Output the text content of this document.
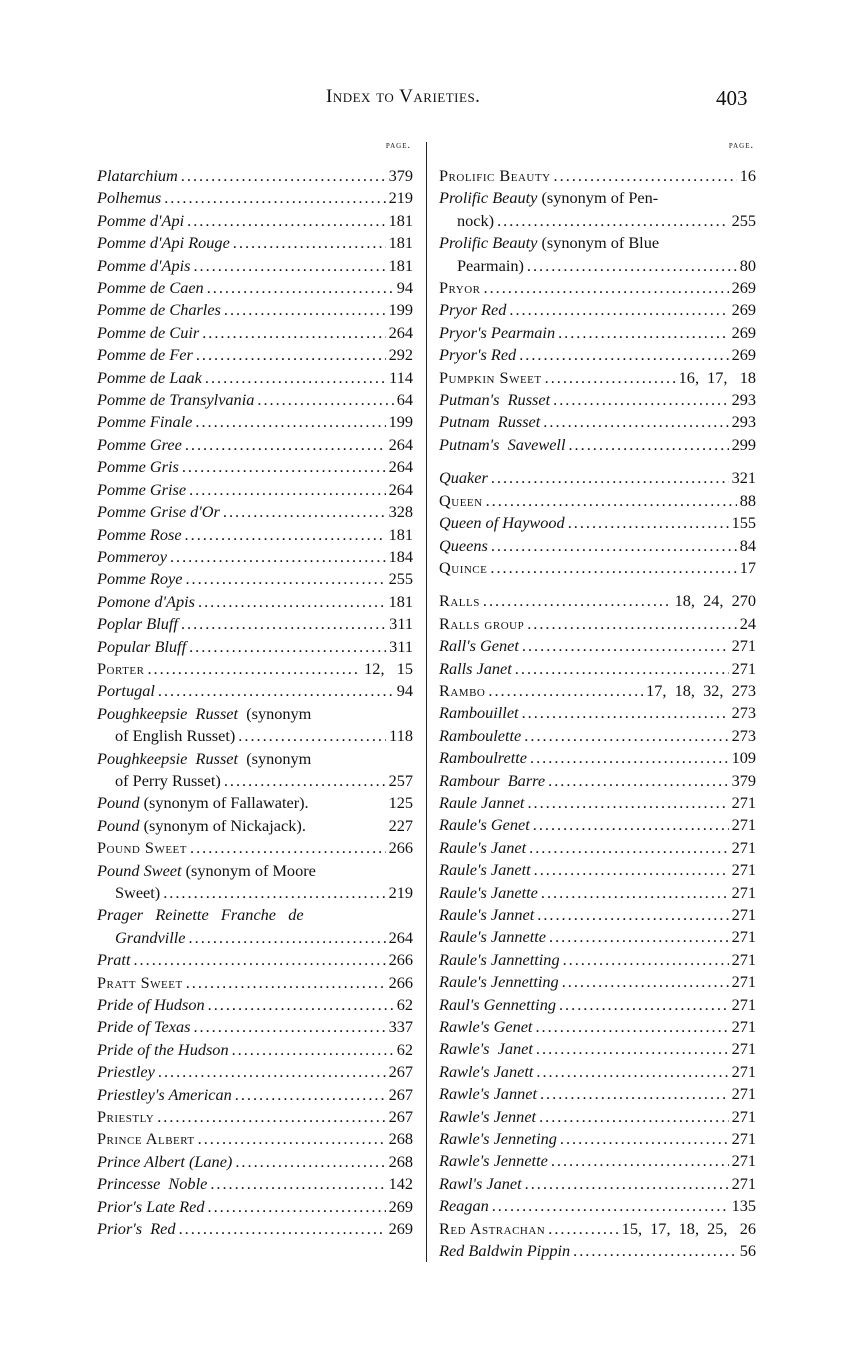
Index to Varieties.	403
page.
Platarchium .....	379
Polhemus .....	219
Pomme d'Api .....	181
Pomme d'Api Rouge .....	181
Pomme d'Apis .....	181
Pomme de Caen .....	94
Pomme de Charles .....	199
Pomme de Cuir .....	264
Pomme de Fer .....	292
Pomme de Laak .....	114
Pomme de Transylvania .....	64
Pomme Finale .....	199
Pomme Gree .....	264
Pomme Gris .....	264
Pomme Grise .....	264
Pomme Grise d'Or .....	328
Pomme Rose .....	181
Pommeroy .....	184
Pomme Roye .....	255
Pomone d'Apis .....	181
Poplar Bluff .....	311
Popular Bluff .....	311
Porter .....	12,   15
Portugal .....	94
Poughkeepsie  Russet  (synonym
of English Russet) .....	118
Poughkeepsie  Russet  (synonym
of Perry Russet) .....	257
Pound (synonym of Fallawater).	125
Pound (synonym of Nickajack).	227
Pound Sweet .....	266
Pound Sweet (synonym of Moore
Sweet) .....	219
Prager   Reinette   Franche   de
Grandville .....	264
Pratt .....	266
Pratt Sweet .....	266
Pride of Hudson .....	62
Pride of Texas .....	337
Pride of the Hudson .....	62
Priestley .....	267
Priestley's American .....	267
Priestly .....	267
Prince Albert .....	268
Prince Albert (Lane) .....	268
Princesse  Noble .....	142
Prior's Late Red .....	269
Prior's  Red .....	269
page.
Prolific Beauty .....	16
Prolific Beauty (synonym of Pen-
nock) .....	255
Prolific Beauty (synonym of Blue
Pearmain) .....	80
Pryor .....	269
Pryor Red .....	269
Pryor's Pearmain .....	269
Pryor's Red .....	269
Pumpkin Sweet .....	16,  17,   18
Putman's  Russet .....	293
Putnam  Russet .....	293
Putnam's  Savewell .....	299
Quaker .....	321
Queen .....	88
Queen of Haywood .....	155
Queens .....	84
Quince .....	17
Ralls .....	18,  24,  270
Ralls group .....	24
Rall's Genet .....	271
Ralls Janet .....	271
Rambo .....	17,  18,  32,  273
Rambouillet .....	273
Ramboulette .....	273
Ramboulrette .....	109
Rambour  Barre .....	379
Raule Jannet .....	271
Raule's Genet .....	271
Raule's Janet .....	271
Raule's Janett .....	271
Raule's Janette .....	271
Raule's Jannet .....	271
Raule's Jannette .....	271
Raule's Jannetting .....	271
Raule's Jennetting .....	271
Raul's Gennetting .....	271
Rawle's Genet .....	271
Rawle's  Janet .....	271
Rawle's Janett .....	271
Rawle's Jannet .....	271
Rawle's Jennet .....	271
Rawle's Jenneting .....	271
Rawle's Jennette .....	271
Rawl's Janet .....	271
Reagan .....	135
Red Astrachan .....	15,  17,  18,  25,   26
Red Baldwin Pippin .....	56
